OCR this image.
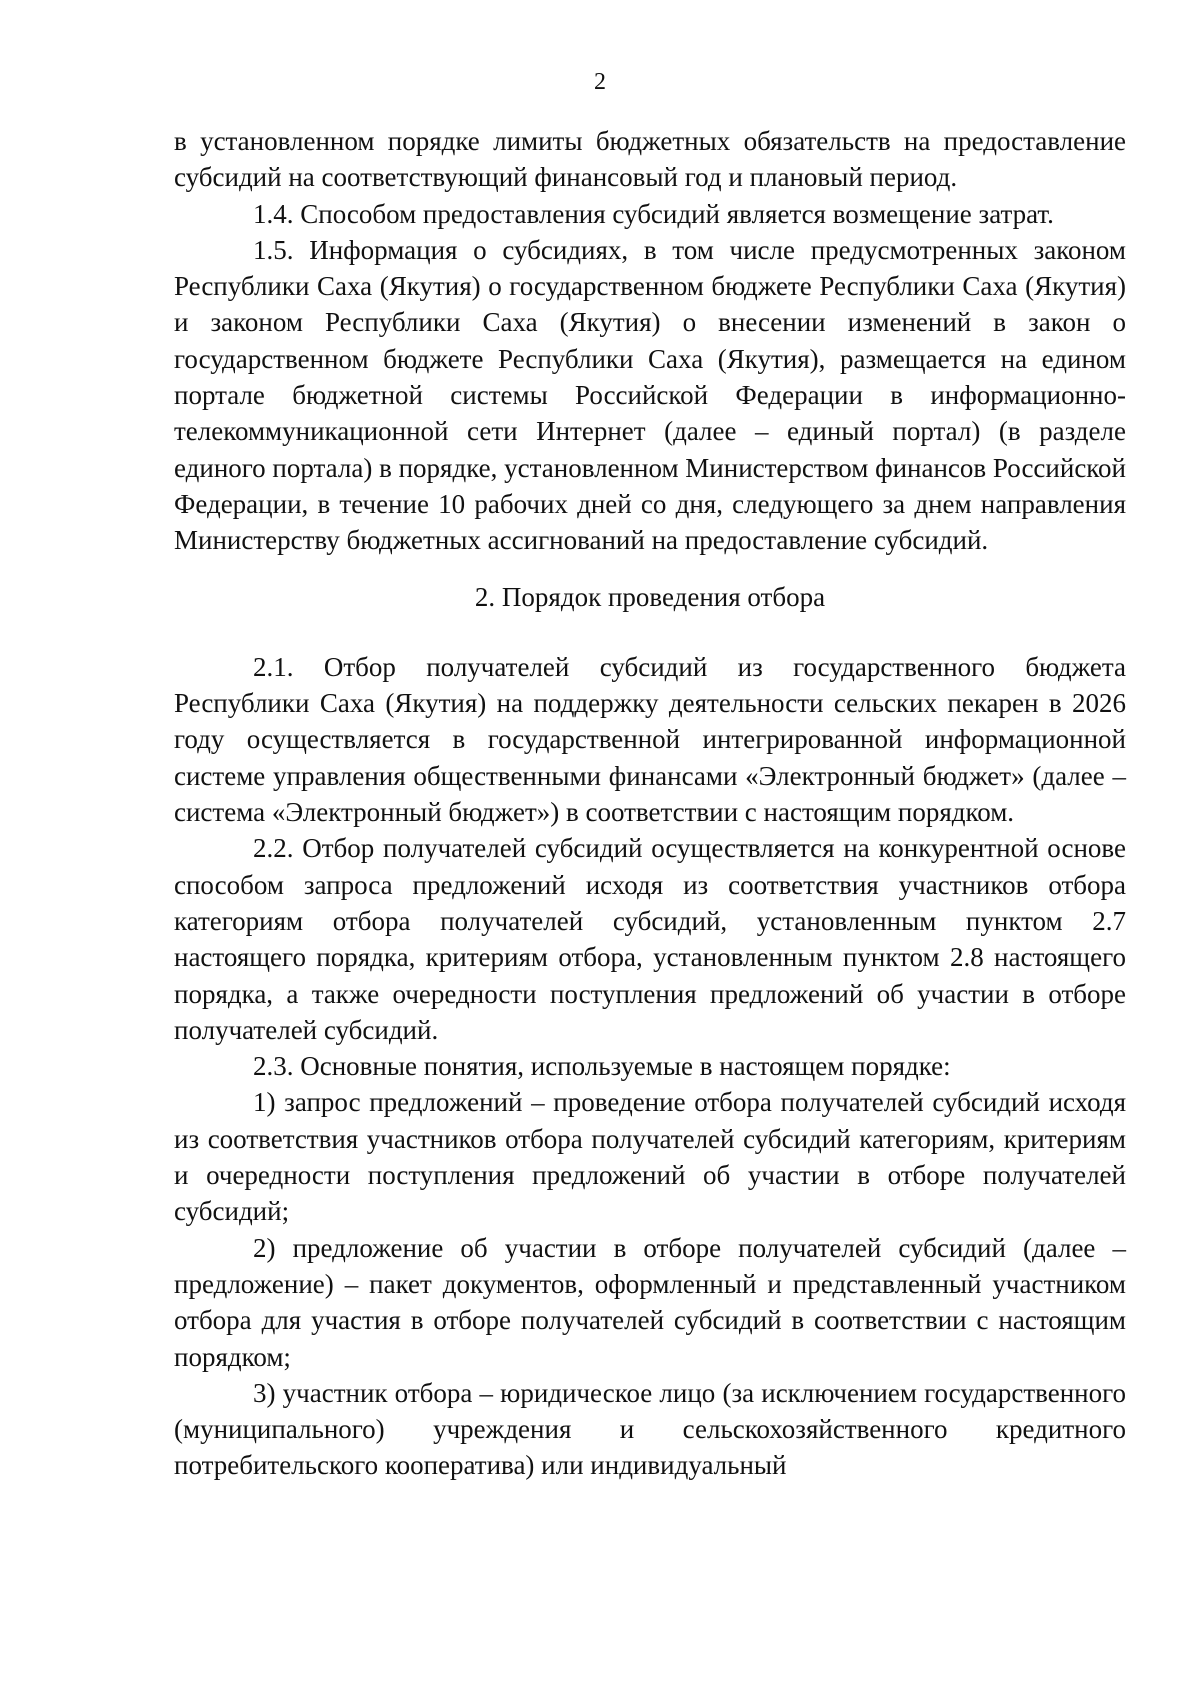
2

в установленном порядке лимиты бюджетных обязательств на предоставление субсидий на соответствующий финансовый год и плановый период.

1.4. Способом предоставления субсидий является возмещение затрат.

1.5. Информация о субсидиях, в том числе предусмотренных законом Республики Саха (Якутия) о государственном бюджете Республики Саха (Якутия) и законом Республики Саха (Якутия) о внесении изменений в закон о государственном бюджете Республики Саха (Якутия), размещается на едином портале бюджетной системы Российской Федерации в информационно-телекоммуникационной сети Интернет (далее – единый портал) (в разделе единого портала) в порядке, установленном Министерством финансов Российской Федерации, в течение 10 рабочих дней со дня, следующего за днем направления Министерству бюджетных ассигнований на предоставление субсидий.

2. Порядок проведения отбора

2.1. Отбор получателей субсидий из государственного бюджета Республики Саха (Якутия) на поддержку деятельности сельских пекарен в 2026 году осуществляется в государственной интегрированной информационной системе управления общественными финансами «Электронный бюджет» (далее – система «Электронный бюджет») в соответствии с настоящим порядком.

2.2. Отбор получателей субсидий осуществляется на конкурентной основе способом запроса предложений исходя из соответствия участников отбора категориям отбора получателей субсидий, установленным пунктом 2.7 настоящего порядка, критериям отбора, установленным пунктом 2.8 настоящего порядка, а также очередности поступления предложений об участии в отборе получателей субсидий.

2.3. Основные понятия, используемые в настоящем порядке:

1) запрос предложений – проведение отбора получателей субсидий исходя из соответствия участников отбора получателей субсидий категориям, критериям и очередности поступления предложений об участии в отборе получателей субсидий;

2) предложение об участии в отборе получателей субсидий (далее – предложение) – пакет документов, оформленный и представленный участником отбора для участия в отборе получателей субсидий в соответствии с настоящим порядком;

3) участник отбора – юридическое лицо (за исключением государственного (муниципального) учреждения и сельскохозяйственного кредитного потребительского кооператива) или индивидуальный
